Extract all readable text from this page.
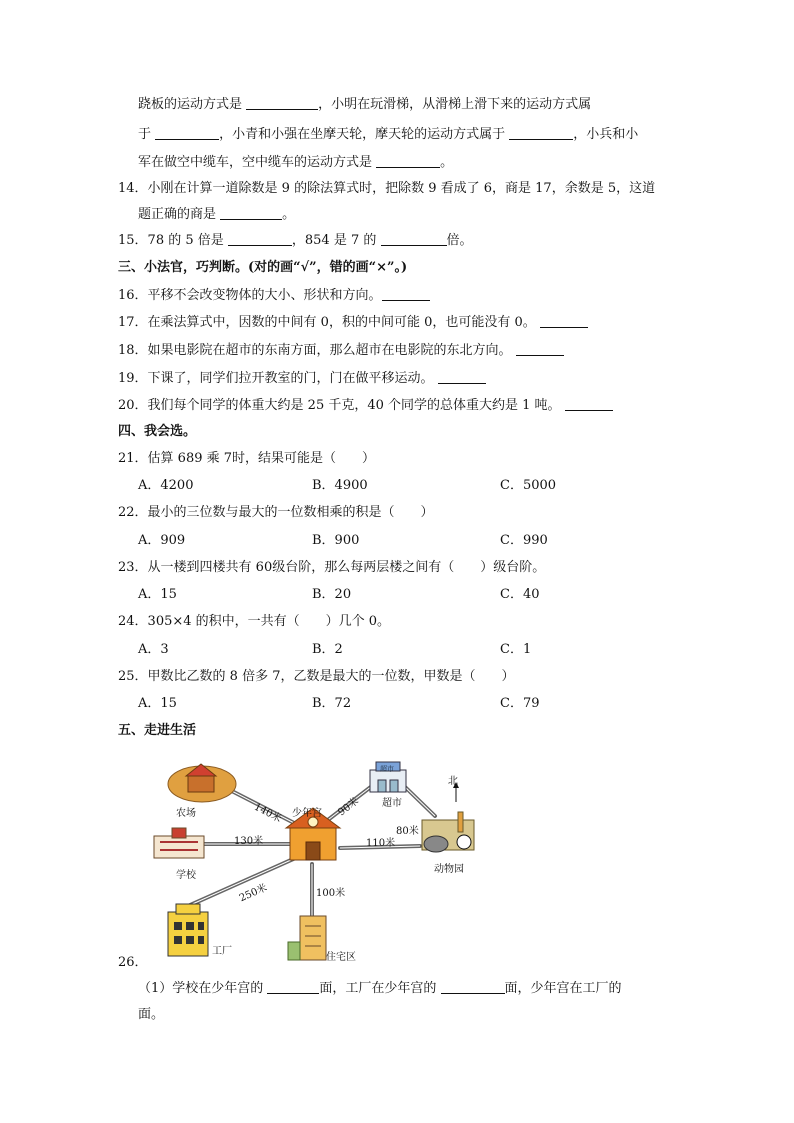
跷板的运动方式是	，小明在玩滑梯，从滑梯上滑下来的运动方式属
于	，小青和小强在坐摩天轮，摩天轮的运动方式属于	，小兵和小
军在做空中缆车，空中缆车的运动方式是	。
14．小刚在计算一道除数是 9 的除法算式时，把除数 9 看成了 6，商是 17，余数是 5，这道
题正确的商是	。
15．78 的 5 倍是	，854 是 7 的	倍。
三、小法官，巧判断。(对的画“√”，错的画“×”。)
16．平移不会改变物体的大小、形状和方向。
17．在乘法算式中，因数的中间有 0，积的中间可能 0，也可能没有 0。
18．如果电影院在超市的东南方面，那么超市在电影院的东北方向。
19．下课了，同学们拉开教室的门，门在做平移运动。
20．我们每个同学的体重大约是 25 千克，40 个同学的总体重大约是 1 吨。
四、我会选。
21．估算 689 乘 7时，结果可能是（　　）
A．4200	B．4900	C．5000
22．最小的三位数与最大的一位数相乘的积是（　　）
A．909	B．900	C．990
23．从一楼到四楼共有 60级台阶，那么每两层楼之间有（　　）级台阶。
A．15	B．20	C．40
24．305×4 的积中，一共有（　　）几个 0。
A．3	B．2	C．1
25．甲数比乙数的 8 倍多 7，乙数是最大的一位数，甲数是（　　）
A．15	B．72	C．79
五、走进生活
农场
学校
工厂
少年宫
超市
超市
动物园
住宅区
北
140米	90米
130米	110米
80米
250米	100米
26．
（1）学校在少年宫的	面，工厂在少年宫的	面，少年宫在工厂的
面。
